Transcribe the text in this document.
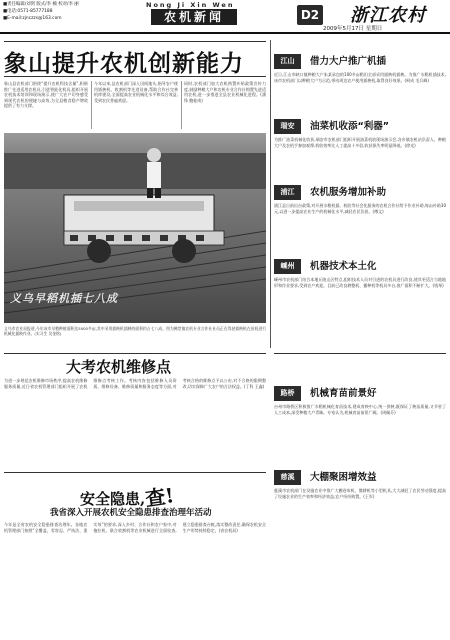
■责任编辑/刘剑 版式/李 楠 校对/李 丽
■电话:0571-85777188
■E-mail:zjnczzs@163.com
Nong Ji Xin Wen
农机新闻	D2 浙江农村
2009年5月17日 星期日
象山提升农机创新能力
象山县农机部门围绕“提升农机科技含量”,积极推广先进适用农机具,引进智能化机具,组织开展农机技术培训和现场演示,使广大农户切身感受到现代农机的便捷与高效,为全县粮食稳产增收提供了有力支撑。
今年以来,县农机部门深入田间地头,指导农户使用插秧机、收割机等先进设备,帮助合作社完善机库建设,全面提高农业机械化水平和综合效益,受到农民普遍欢迎。
同时,农机部门加大农机购置补贴政策宣传力度,鼓励种粮大户和农机专业合作社购置先进适用农机,进一步推进全县农业机械化进程。(潘锋 鲍桂南)
义乌早稻机插七八成
义乌市农业局报道,今年该市早稻种植面积达5000多亩,其中采用插秧机插秧的面积约占七八成。图为佛堂镇农机专业合作社社员正在驾驶插秧机在田间进行机械化插秧作业。(实习生 吴金铭)
江山	借力大户推广机插
近日,江山市峡口镇种粮大户朱某承包的100多亩稻田全部采用插秧机插秧。为推广水稻机插技术,该市农机部门以种粮大户为示范,带动周边农户使用插秧机,取得良好效果。(柯成 毛兵峰)
瑞安	油菜机收添“利器”
为推广油菜机械化收获,瑞安市农机部门组织开展油菜机收现场演示会,各乡镇农机站负责人、种粮大户及农机手参加观摩,机收效率比人工提高十多倍,收获损失率明显降低。(徐光)
浦江	农机服务增加补助
浦江县日前出台政策,对开展水稻机插、机收等社会化服务的农机合作社给予作业补助,每亩补助30元,以进一步提高农业生产的机械化水平,减轻农民负担。(傅文)
嵊州	机器技术本土化
嵊州市农机部门结合本地丘陵山区特点,组织技术人员对引进的农机具进行改良,使其更适合当地地形和作业要求,受到农户欢迎。目前已改良耕整机、播种机等机具多台,推广面积不断扩大。(钱琴)
路桥	机械育苗前景好
台州市路桥区积极推广水稻机械化育苗技术,建成育秧中心,统一供秧,既保证了秧苗质量,又节省了人工成本,深受种粮大户青睐。专家认为,机械育苗前景广阔。(周佩芬)
慈溪	大棚聚困增效益
慈溪市农机部门在设施农业中推广大棚卷帘机、微耕机等小型机具,大大减轻了农民劳动强度,提高了设施农业的生产效率和经济效益,农户纷纷购置。(王军)
大考农机维修点
为进一步规范农机维修市场秩序,提高农机维修服务质量,近日省农机管理部门组织开展了农机维修点考核工作。考核内容包括维修人员资质、维修设备、维修质量和服务态度等方面,对考核合格的维修点予以公布,对不合格的限期整改,切实保障广大农户的合法权益。(丁科 王鑫)
安全隐患,查!
我省深入开展农机安全隐患排查治理年活动
今年是全省农机安全隐患排查治理年。各地农机管理部门按照“全覆盖、零容忍、严执法、重实效”的要求,深入乡村、合作社和农户家中,对拖拉机、联合收割机等农业机械进行全面检查,建立隐患排查台帐,落实整改责任,确保农机安全生产形势持续稳定。(省农机局)
